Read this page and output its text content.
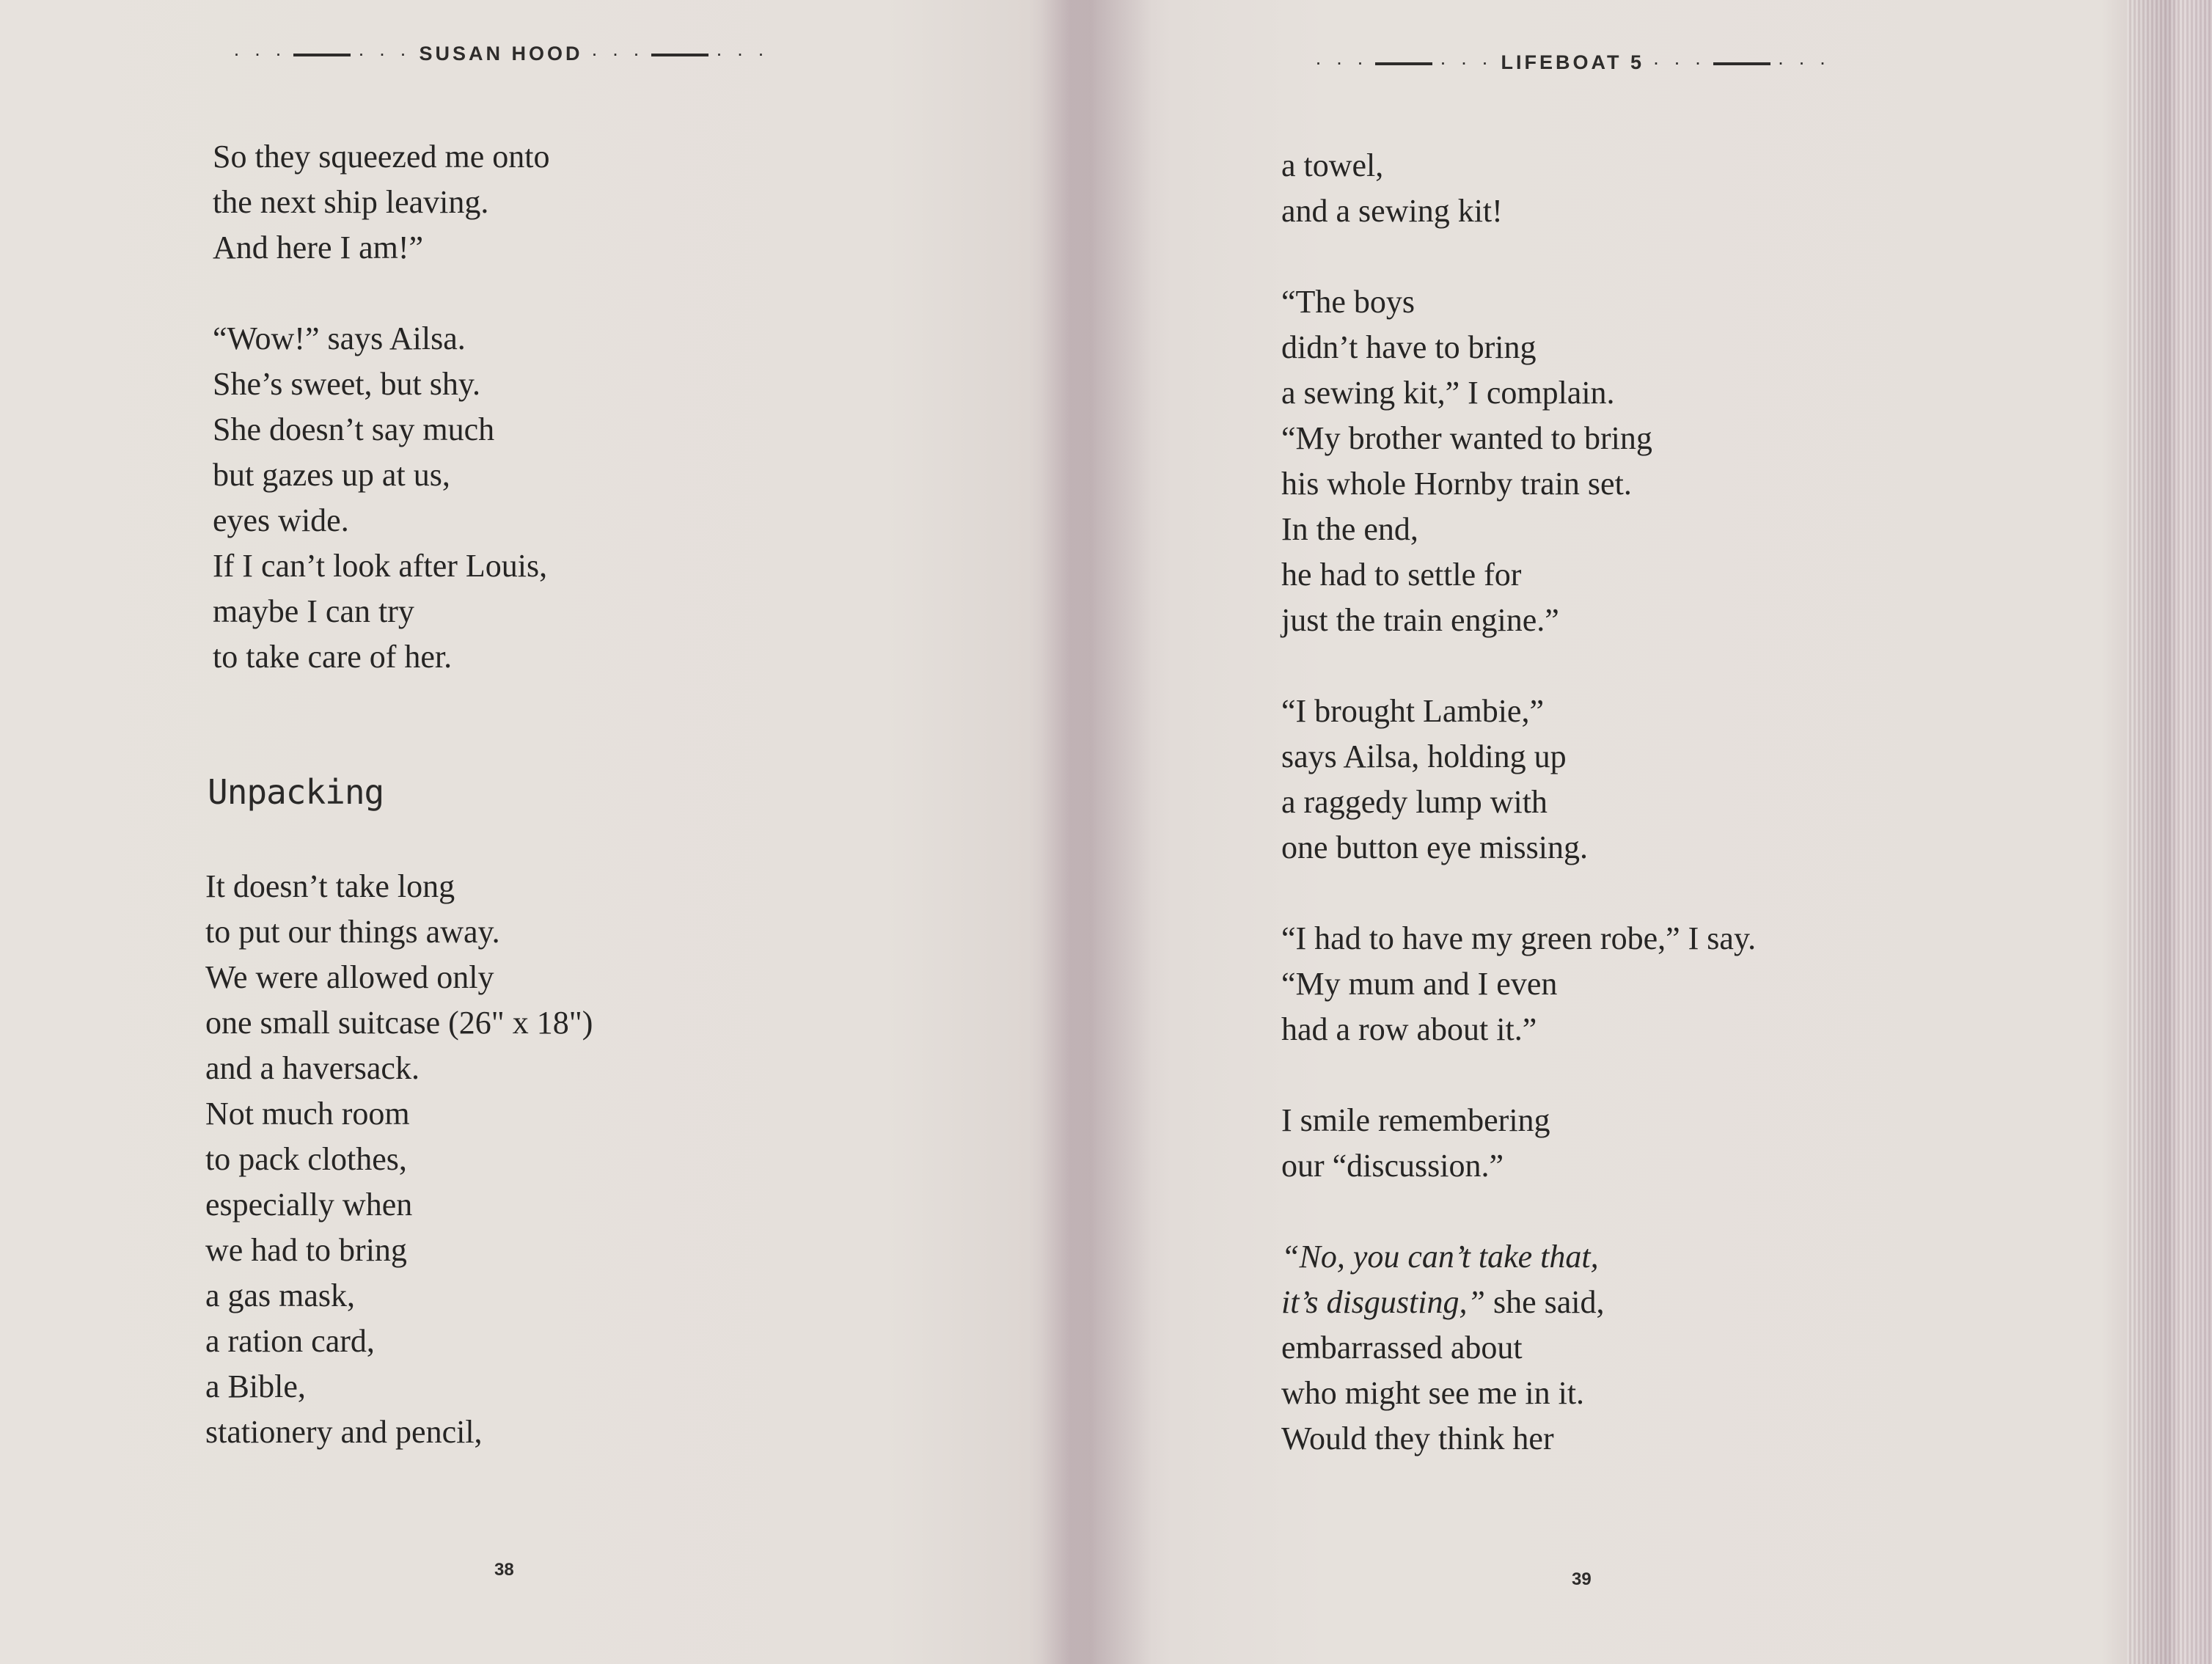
· · ·	· · · SUSAN HOOD · · ·	· · ·

So they squeezed me onto
the next ship leaving.
And here I am!”

“Wow!” says Ailsa.
She’s sweet, but shy.
She doesn’t say much
but gazes up at us,
eyes wide.
If I can’t look after Louis,
maybe I can try
to take care of her.

Unpacking

It doesn’t take long
to put our things away.
We were allowed only
one small suitcase (26" x 18")
and a haversack.
Not much room
to pack clothes,
especially when
we had to bring
a gas mask,
a ration card,
a Bible,
stationery and pencil,

38
· · ·	· · · LIFEBOAT 5 · · ·	· · ·

a towel,
and a sewing kit!

“The boys
didn’t have to bring
a sewing kit,” I complain.
“My brother wanted to bring
his whole Hornby train set.
In the end,
he had to settle for
just the train engine.”

“I brought Lambie,”
says Ailsa, holding up
a raggedy lump with
one button eye missing.

“I had to have my green robe,” I say.
“My mum and I even
had a row about it.”

I smile remembering
our “discussion.”

“No, you can’t take that,
it’s disgusting,” she said,
embarrassed about
who might see me in it.
Would they think her

39
